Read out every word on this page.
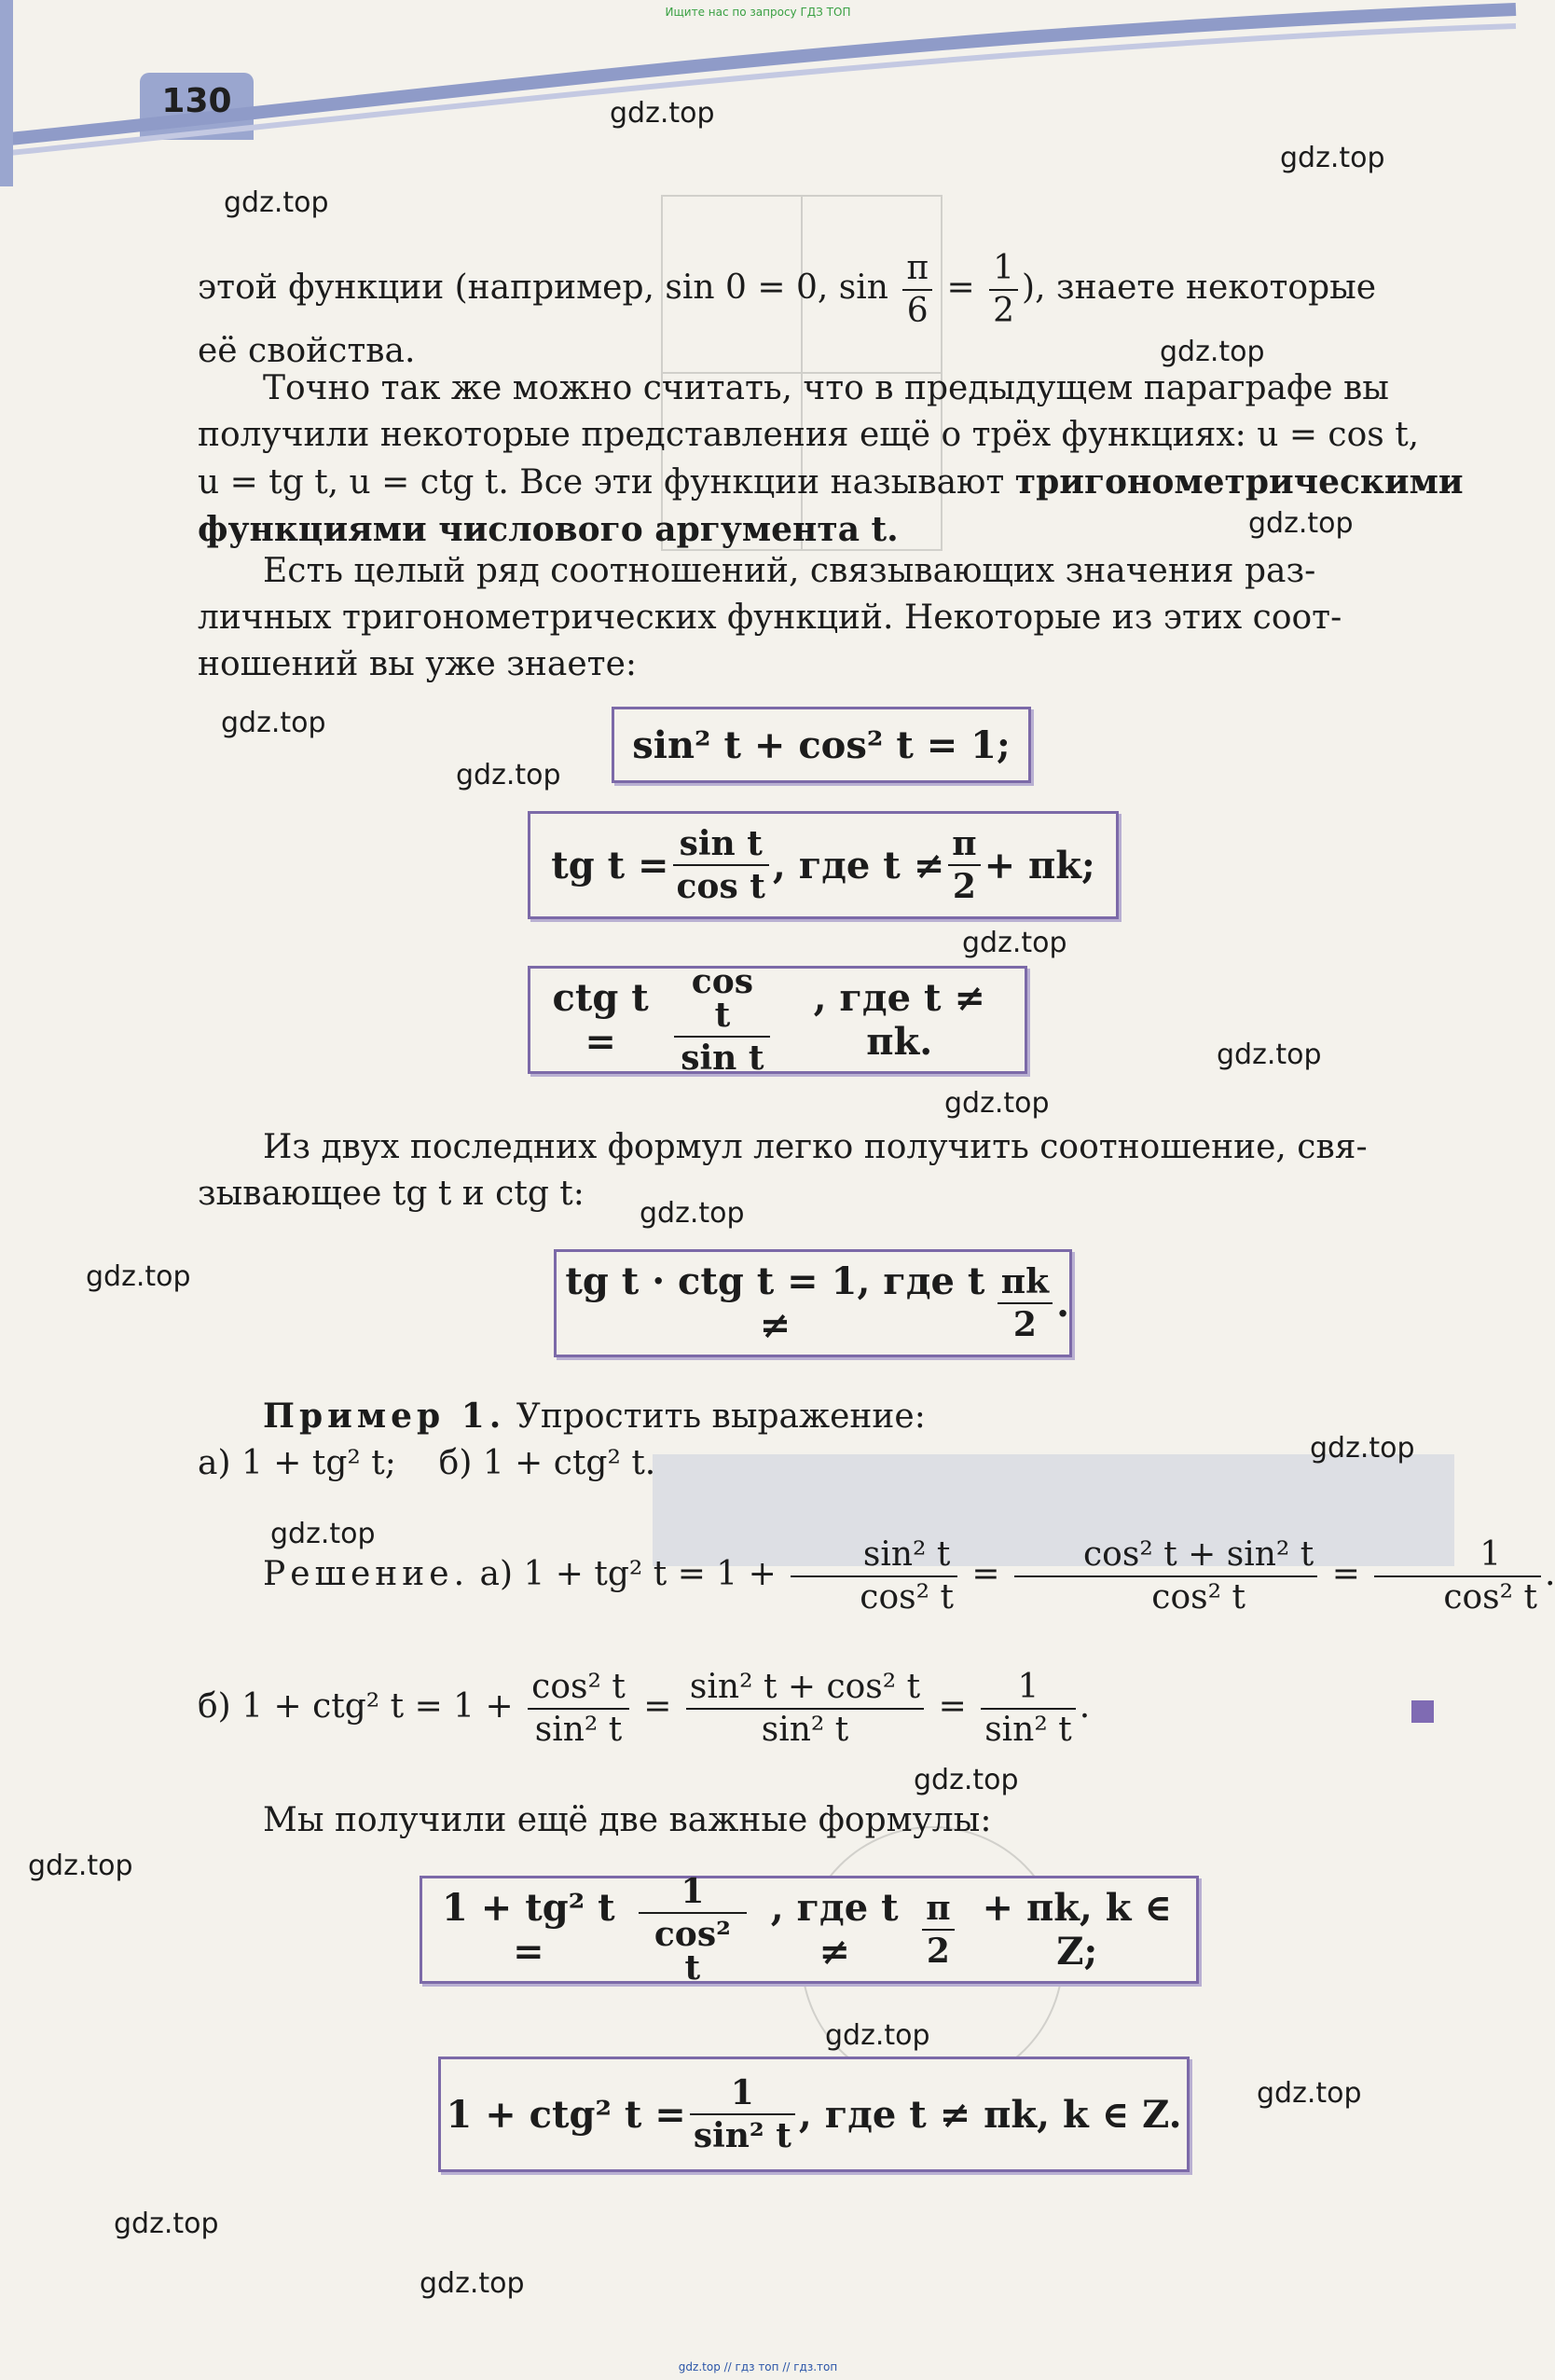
Ищите нас по запросу ГДЗ ТОП
130	gdz.top
gdz.top
gdz.top
gdz.top
gdz.top
gdz.top
gdz.top
gdz.top
gdz.top
gdz.top
gdz.top
gdz.top
gdz.top
gdz.top
gdz.top
gdz.top
gdz.top
gdz.top
gdz.top
gdz.top
этой функции (например, sin 0 = 0, $\sin \frac{\pi}{6} = \frac{1}{2}$ ), знаете некоторые
её свойства.
Точно так же можно считать, что в предыдущем параграфе вы
получили некоторые представления ещё о трёх функциях: u = cos t,
u = tg t, u = ctg t. Все эти функции называют тригонометрическими
функциями числового аргумента t.
Есть целый ряд соотношений, связывающих значения раз-
личных тригонометрических функций. Некоторые из этих соот-
ношений вы уже знаете:
sin² t + cos² t = 1;
tg $t = \frac{\text{sin t}}{\text{cos t}}$ , где $t \ne \frac{\pi}{2} + \pi k$;
ctg t =	$\frac{\text{cos t}}{\text{sin t}}$	, где t ≠ πk.
Из двух последних формул легко получить соотношение, свя-
зывающее tg t и ctg t:
tg t · ctg t = 1, где t ≠	$\frac{\pi k}{2}$ .
Пример 1. Упростить выражение:
а) 1 + tg² t; б) 1 + ctg² t.
Решение. а) 1 + tg² $t = 1 + \frac{\text{sin² t}}{\text{cos² t}} = \frac{\text{cos² t + sin² t}}{\text{cos² t}} = \frac{1}{\text{cos² t}}$ .
б) 1 + ctg² $t = 1 + \frac{\text{cos² t}}{\text{sin² t}} = \frac{\text{sin² t + cos² t}}{\text{sin² t}} = \frac{1}{\text{sin² t}}$ .
Мы получили ещё две важные формулы:
1 + tg² t =	$\frac{1}{\text{cos² t}}$ , где t ≠	$\frac{\pi}{2} + \pi k$, k ∈ Z;
1 + ctg² $t = \frac{1}{\text{sin² t}}$ , где t ≠ πk, k ∈ Z.
gdz.top // гдз топ // гдз.топ
